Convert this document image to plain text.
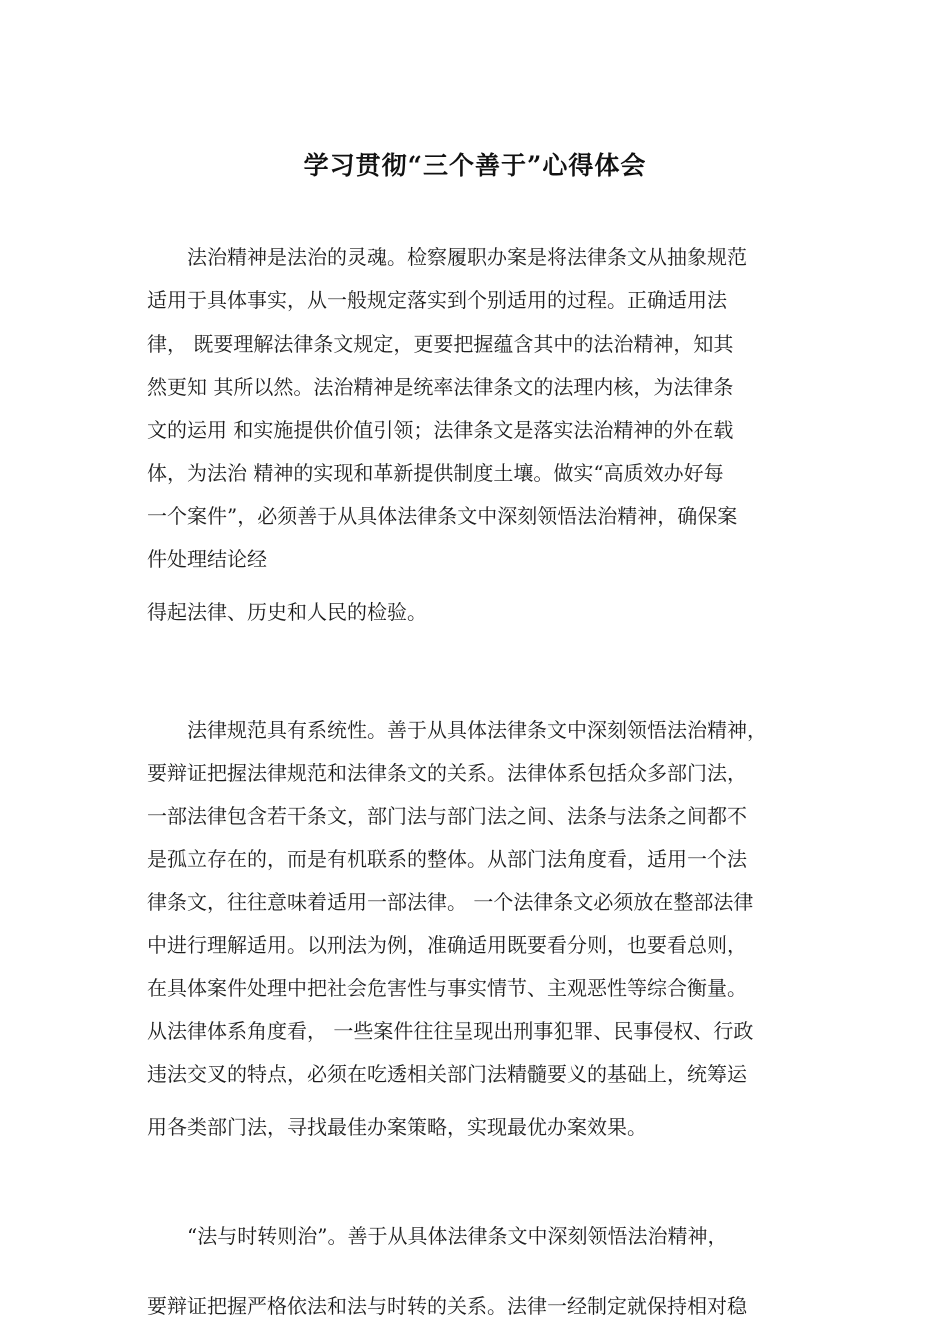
学习贯彻“三个善于”心得体会
法治精神是法治的灵魂。检察履职办案是将法律条文从抽象规范
适用于具体事实，从一般规定落实到个别适用的过程。正确适用法
律， 既要理解法律条文规定，更要把握蕴含其中的法治精神，知其
然更知 其所以然。法治精神是统率法律条文的法理内核，为法律条
文的运用 和实施提供价值引领；法律条文是落实法治精神的外在载
体，为法治 精神的实现和革新提供制度土壤。做实“高质效办好每
一个案件”，必须善于从具体法律条文中深刻领悟法治精神，确保案
件处理结论经
得起法律、历史和人民的检验。
法律规范具有系统性。善于从具体法律条文中深刻领悟法治精神，
要辩证把握法律规范和法律条文的关系。法律体系包括众多部门法，
一部法律包含若干条文，部门法与部门法之间、法条与法条之间都不
是孤立存在的，而是有机联系的整体。从部门法角度看，适用一个法
律条文，往往意味着适用一部法律。 一个法律条文必须放在整部法律
中进行理解适用。以刑法为例，准确适用既要看分则，也要看总则，
在具体案件处理中把社会危害性与事实情节、主观恶性等综合衡量。
从法律体系角度看， 一些案件往往呈现出刑事犯罪、民事侵权、行政
违法交叉的特点，必须在吃透相关部门法精髓要义的基础上，统筹运
用各类部门法，寻找最佳办案策略，实现最优办案效果。
“法与时转则治”。善于从具体法律条文中深刻领悟法治精神，
要辩证把握严格依法和法与时转的关系。法律一经制定就保持相对稳
